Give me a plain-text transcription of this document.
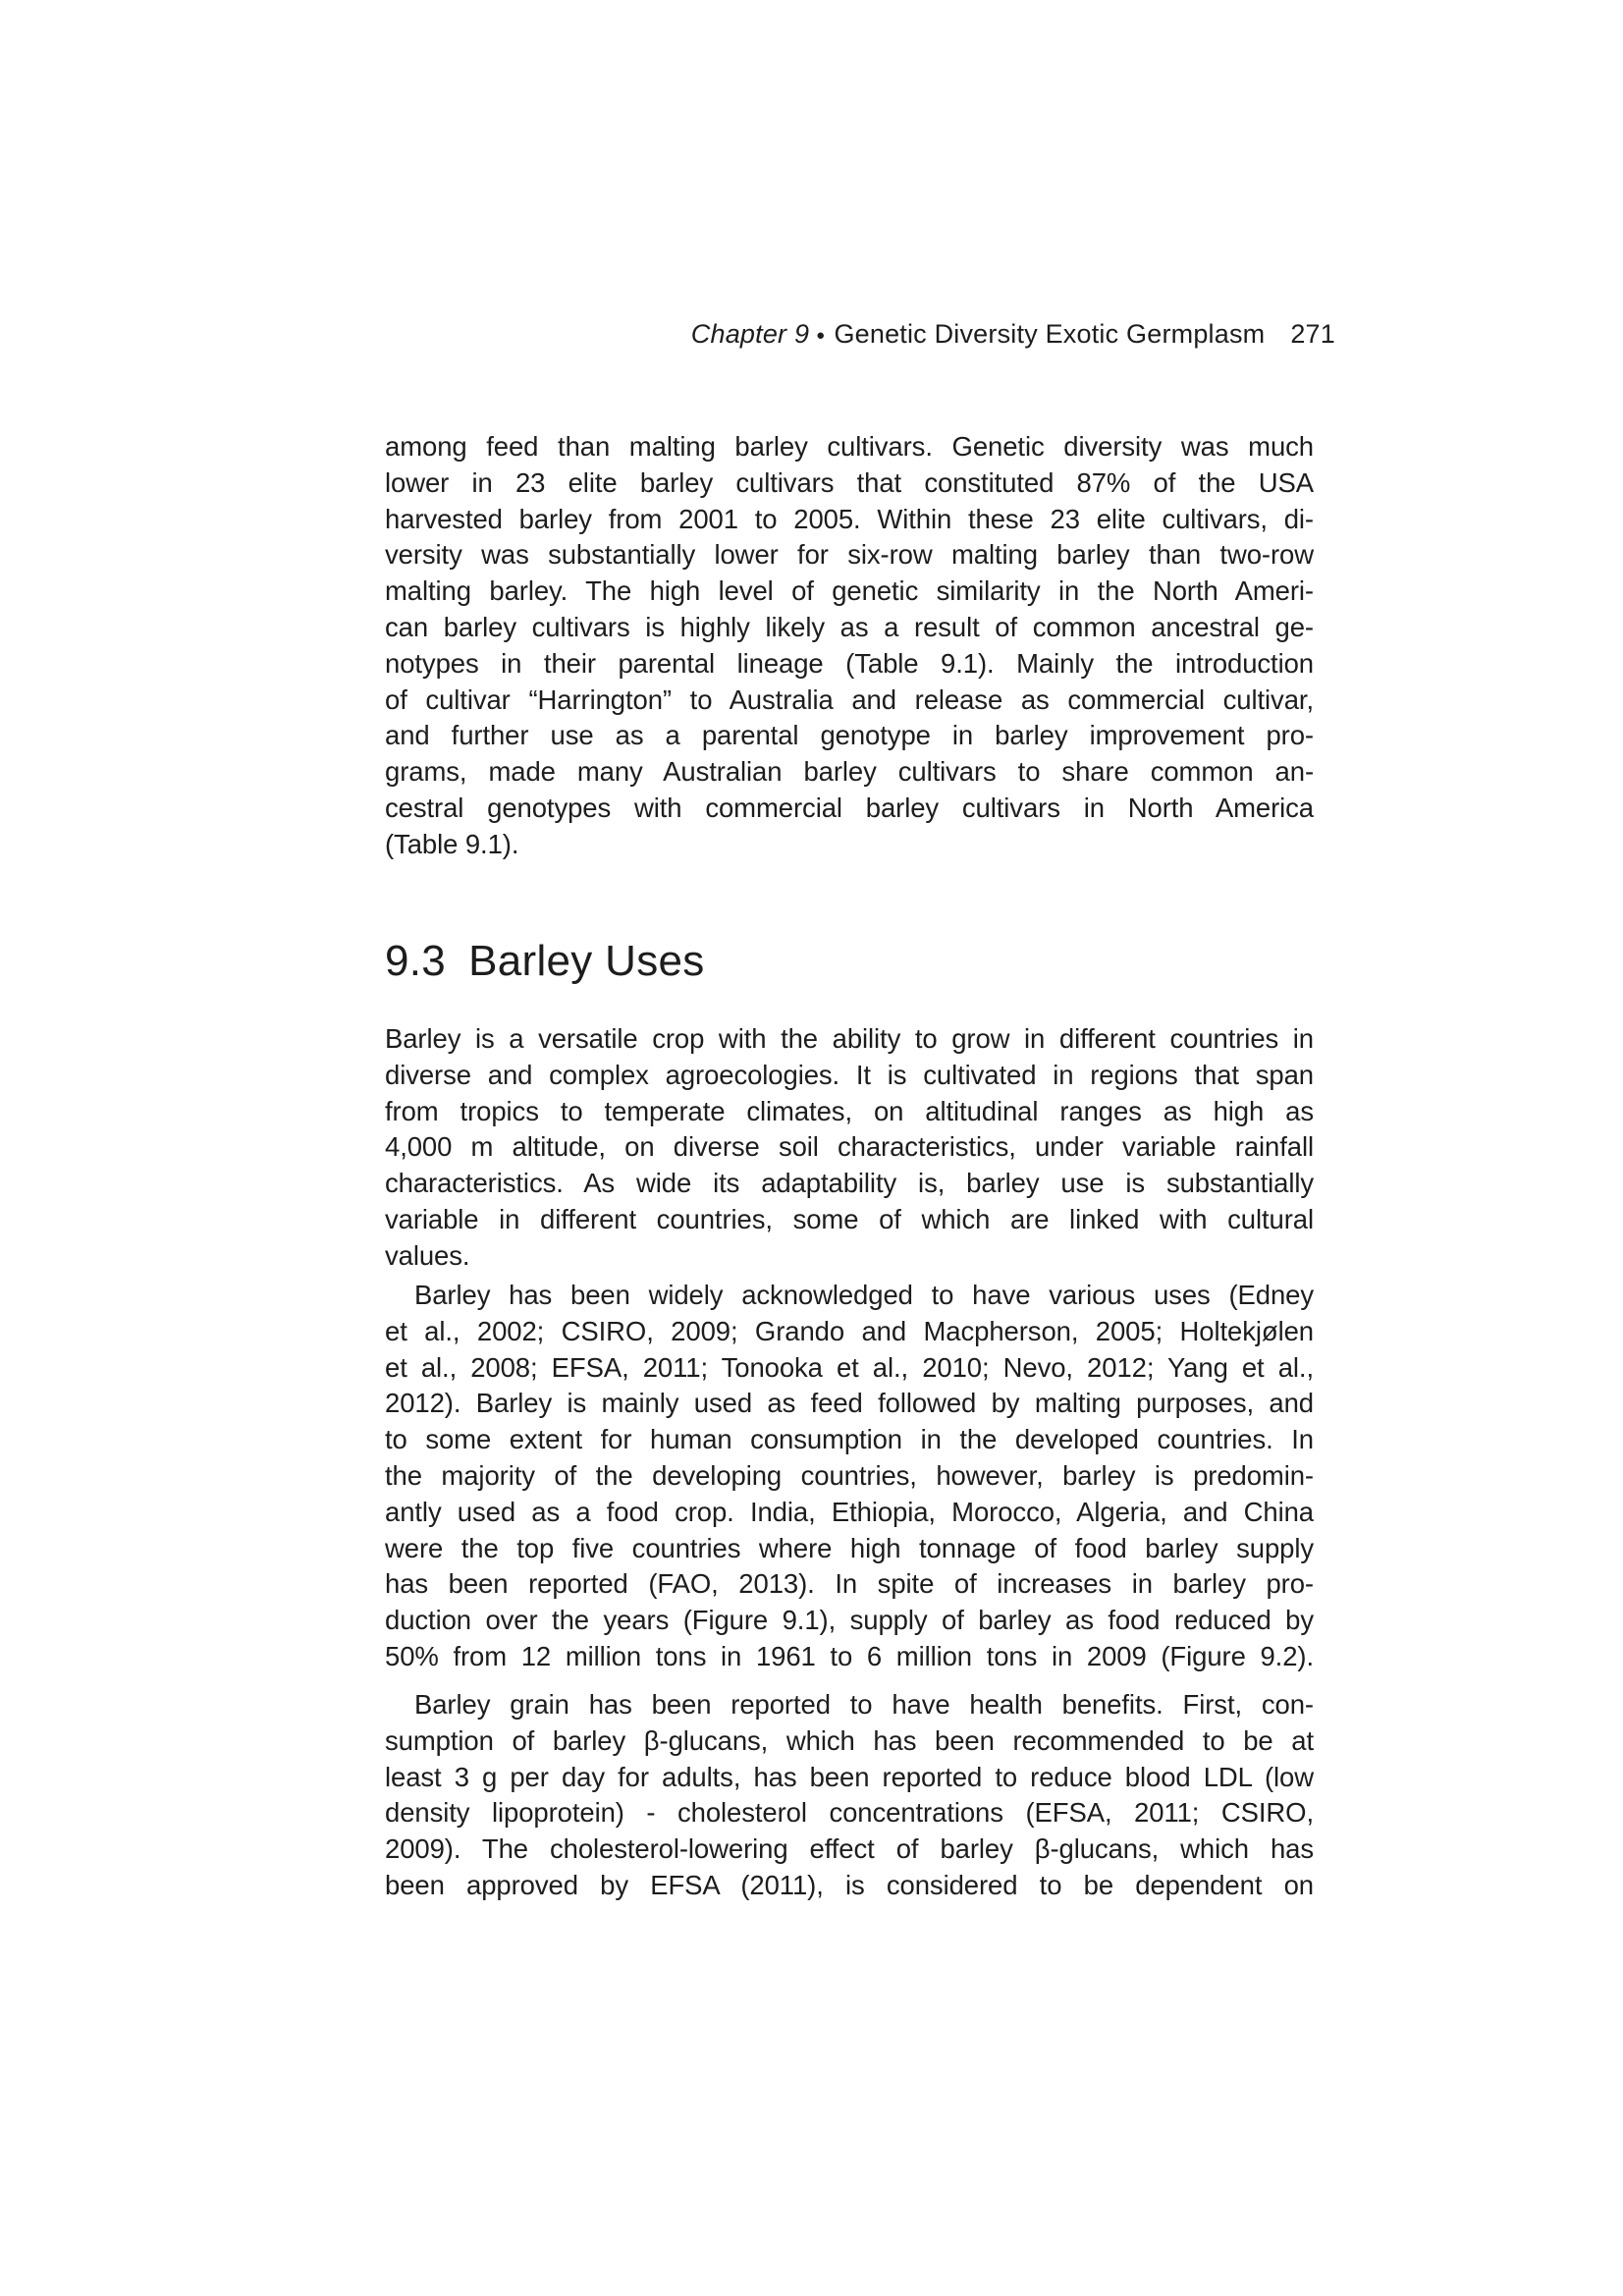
Chapter 9 ● Genetic Diversity Exotic Germplasm 271
among feed than malting barley cultivars. Genetic diversity was much
lower in 23 elite barley cultivars that constituted 87% of the USA
harvested barley from 2001 to 2005. Within these 23 elite cultivars, di-
versity was substantially lower for six-row malting barley than two-row
malting barley. The high level of genetic similarity in the North Ameri-
can barley cultivars is highly likely as a result of common ancestral ge-
notypes in their parental lineage (Table 9.1). Mainly the introduction
of cultivar “Harrington” to Australia and release as commercial cultivar,
and further use as a parental genotype in barley improvement pro-
grams, made many Australian barley cultivars to share common an-
cestral genotypes with commercial barley cultivars in North America
(Table 9.1).
9.3 Barley Uses
Barley is a versatile crop with the ability to grow in different countries in
diverse and complex agroecologies. It is cultivated in regions that span
from tropics to temperate climates, on altitudinal ranges as high as
4,000 m altitude, on diverse soil characteristics, under variable rainfall
characteristics. As wide its adaptability is, barley use is substantially
variable in different countries, some of which are linked with cultural
values.
Barley has been widely acknowledged to have various uses (Edney
et al., 2002; CSIRO, 2009; Grando and Macpherson, 2005; Holtekjølen
et al., 2008; EFSA, 2011; Tonooka et al., 2010; Nevo, 2012; Yang et al.,
2012). Barley is mainly used as feed followed by malting purposes, and
to some extent for human consumption in the developed countries. In
the majority of the developing countries, however, barley is predomin-
antly used as a food crop. India, Ethiopia, Morocco, Algeria, and China
were the top five countries where high tonnage of food barley supply
has been reported (FAO, 2013). In spite of increases in barley pro-
duction over the years (Figure 9.1), supply of barley as food reduced by
50% from 12 million tons in 1961 to 6 million tons in 2009 (Figure 9.2).
Barley grain has been reported to have health benefits. First, con-
sumption of barley β-glucans, which has been recommended to be at
least 3 g per day for adults, has been reported to reduce blood LDL (low
density lipoprotein) - cholesterol concentrations (EFSA, 2011; CSIRO,
2009). The cholesterol-lowering effect of barley β-glucans, which has
been approved by EFSA (2011), is considered to be dependent on
